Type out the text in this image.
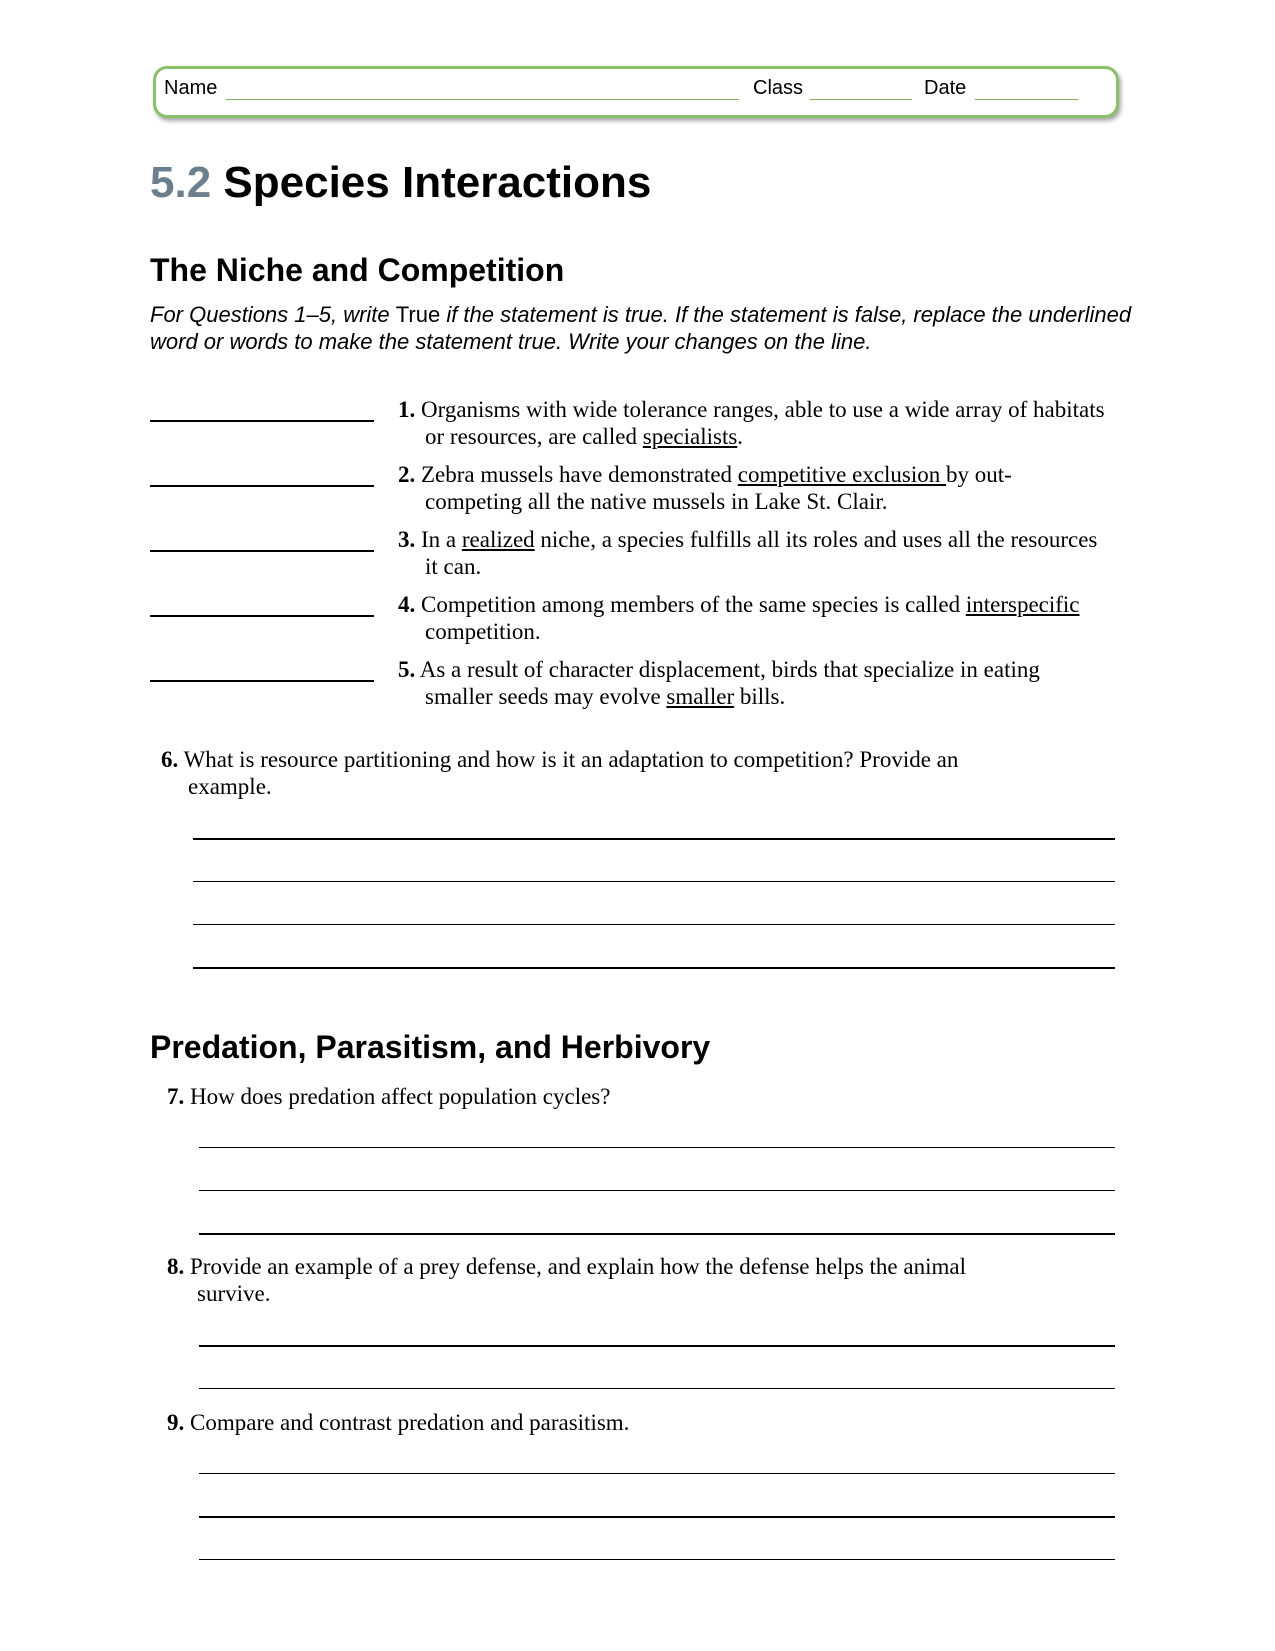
Name	Class	Date
5.2 Species Interactions
The Niche and Competition
For Questions 1–5, write True if the statement is true. If the statement is false, replace the underlined word or words to make the statement true. Write your changes on the line.
1. Organisms with wide tolerance ranges, able to use a wide array of habitats or resources, are called specialists.
2. Zebra mussels have demonstrated competitive exclusion by out-competing all the native mussels in Lake St. Clair.
3. In a realized niche, a species fulfills all its roles and uses all the resources it can.
4. Competition among members of the same species is called interspecific competition.
5. As a result of character displacement, birds that specialize in eating smaller seeds may evolve smaller bills.
6. What is resource partitioning and how is it an adaptation to competition? Provide an example.
Predation, Parasitism, and Herbivory
7. How does predation affect population cycles?
8. Provide an example of a prey defense, and explain how the defense helps the animal survive.
9. Compare and contrast predation and parasitism.
